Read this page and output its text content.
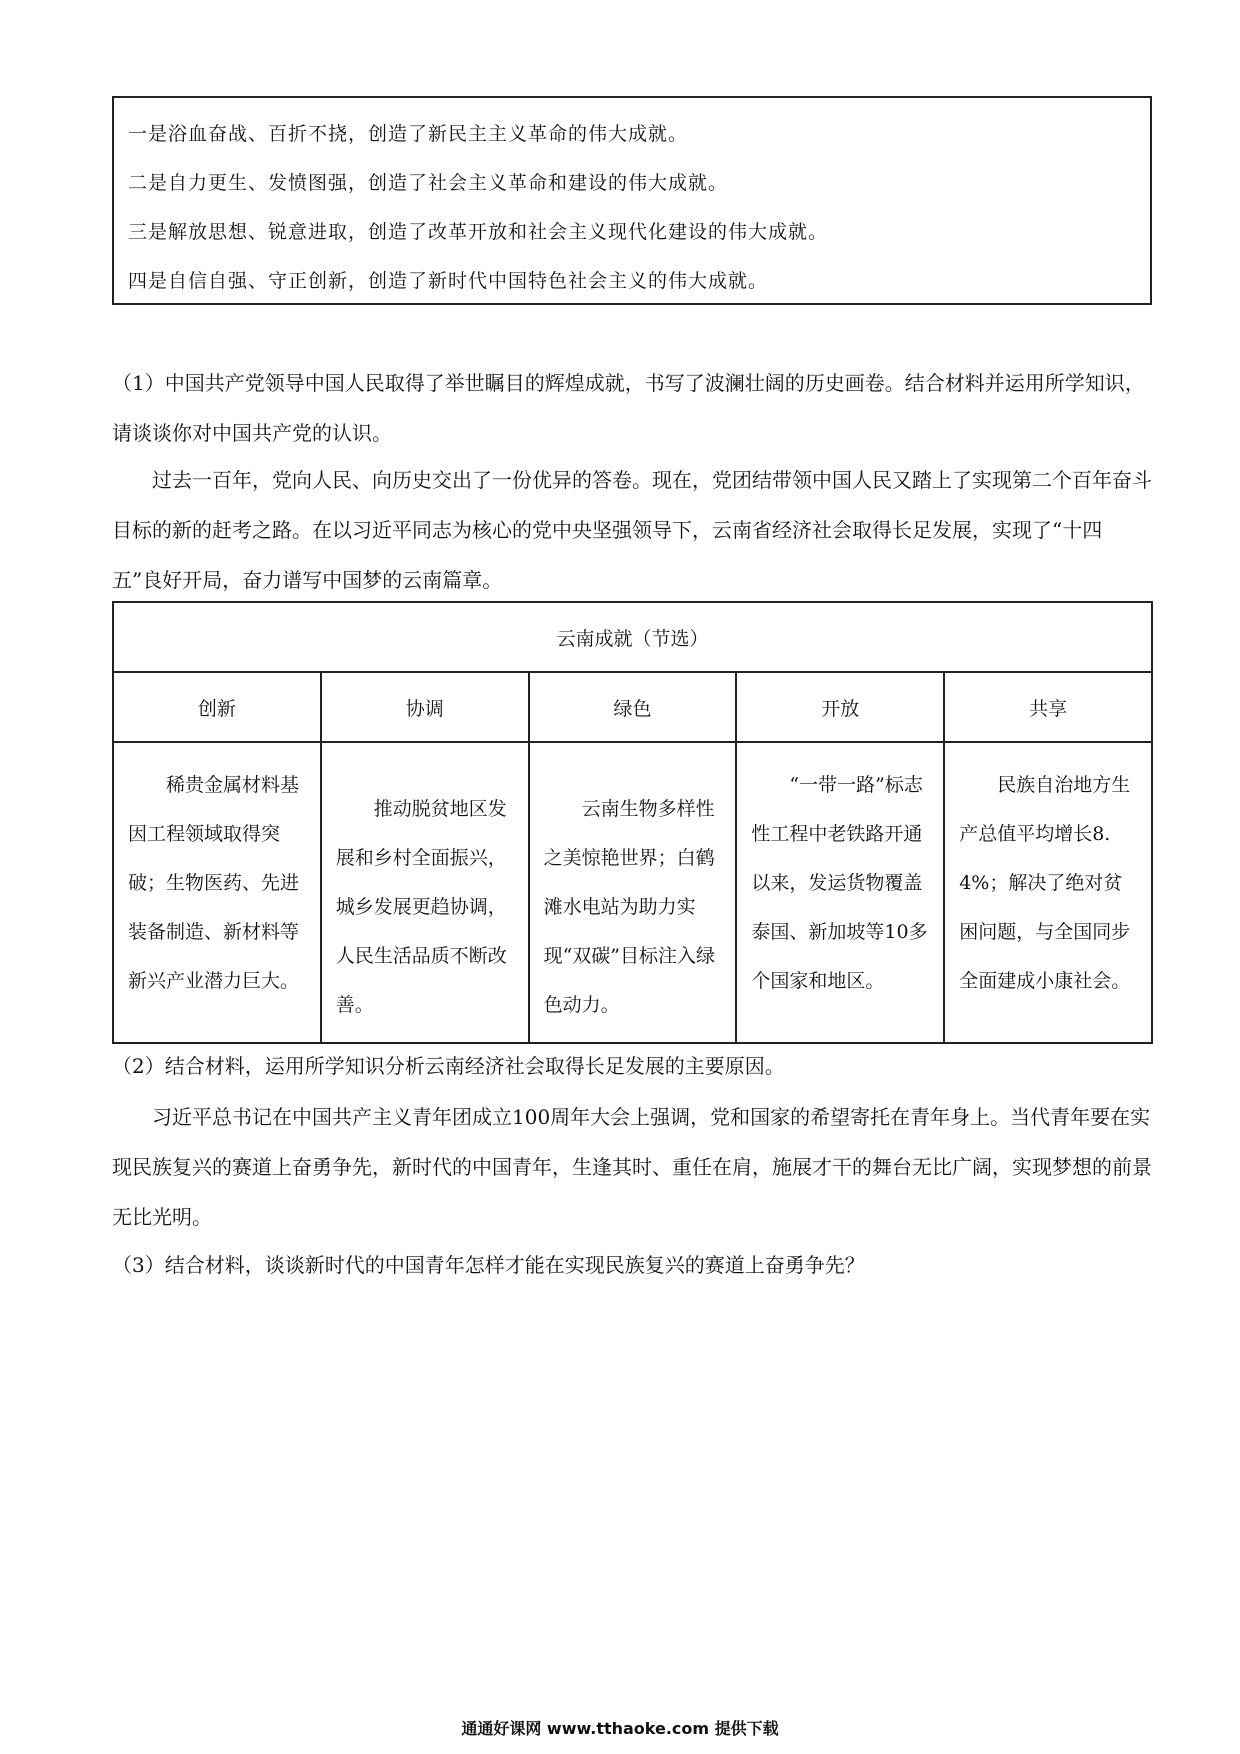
一是浴血奋战、百折不挠，创造了新民主主义革命的伟大成就。
二是自力更生、发愤图强，创造了社会主义革命和建设的伟大成就。
三是解放思想、锐意进取，创造了改革开放和社会主义现代化建设的伟大成就。
四是自信自强、守正创新，创造了新时代中国特色社会主义的伟大成就。
（1）中国共产党领导中国人民取得了举世瞩目的辉煌成就，书写了波澜壮阔的历史画卷。结合材料并运用所学知识，请谈谈你对中国共产党的认识。
过去一百年，党向人民、向历史交出了一份优异的答卷。现在，党团结带领中国人民又踏上了实现第二个百年奋斗目标的新的赶考之路。在以习近平同志为核心的党中央坚强领导下，云南省经济社会取得长足发展，实现了“十四五”良好开局，奋力谱写中国梦的云南篇章。
云南成就（节选）				
创新	协调	绿色	开放	共享

稀贵金属材料基因工程领域取得突破；生物医药、先进装备制造、新材料等新兴产业潜力巨大。	推动脱贫地区发展和乡村全面振兴，城乡发展更趋协调，人民生活品质不断改善。	云南生物多样性之美惊艳世界；白鹤滩水电站为助力实现“双碳”目标注入绿色动力。	“一带一路”标志性工程中老铁路开通以来，发运货物覆盖泰国、新加坡等10多个国家和地区。	民族自治地方生产总值平均增长8.4%；解决了绝对贫困问题，与全国同步全面建成小康社会。
（2）结合材料，运用所学知识分析云南经济社会取得长足发展的主要原因。
习近平总书记在中国共产主义青年团成立100周年大会上强调，党和国家的希望寄托在青年身上。当代青年要在实现民族复兴的赛道上奋勇争先，新时代的中国青年，生逢其时、重任在肩，施展才干的舞台无比广阔，实现梦想的前景无比光明。
（3）结合材料，谈谈新时代的中国青年怎样才能在实现民族复兴的赛道上奋勇争先？
通通好课网 www.tthaoke.com 提供下载
